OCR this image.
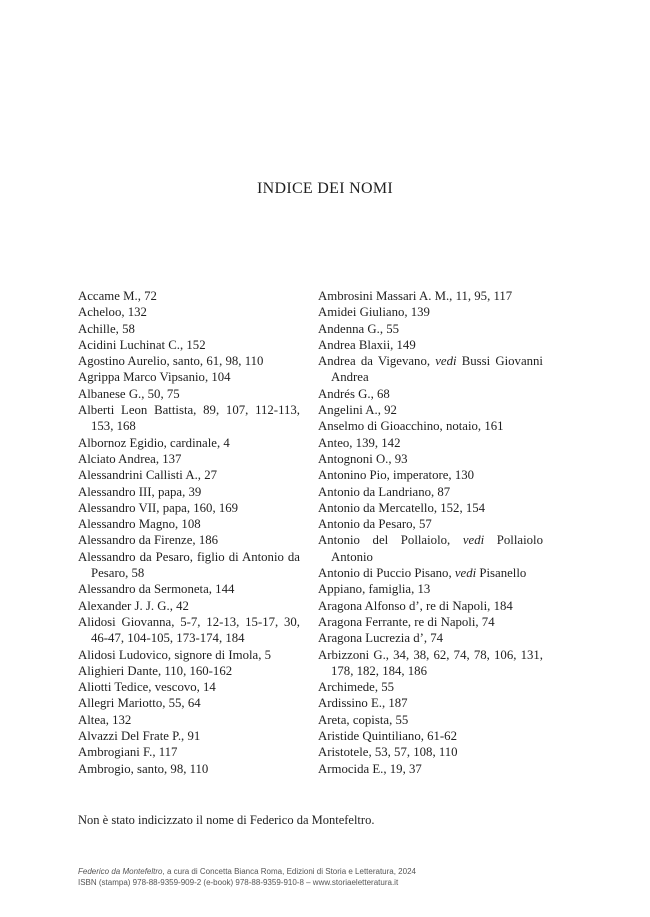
INDICE DEI NOMI
Accame M., 72
Acheloo, 132
Achille, 58
Acidini Luchinat C., 152
Agostino Aurelio, santo, 61, 98, 110
Agrippa Marco Vipsanio, 104
Albanese G., 50, 75
Alberti Leon Battista, 89, 107, 112-113, 153, 168
Albornoz Egidio, cardinale, 4
Alciato Andrea, 137
Alessandrini Callisti A., 27
Alessandro III, papa, 39
Alessandro VII, papa, 160, 169
Alessandro Magno, 108
Alessandro da Firenze, 186
Alessandro da Pesaro, figlio di Antonio da Pesaro, 58
Alessandro da Sermoneta, 144
Alexander J. J. G., 42
Alidosi Giovanna, 5-7, 12-13, 15-17, 30, 46-47, 104-105, 173-174, 184
Alidosi Ludovico, signore di Imola, 5
Alighieri Dante, 110, 160-162
Aliotti Tedice, vescovo, 14
Allegri Mariotto, 55, 64
Altea, 132
Alvazzi Del Frate P., 91
Ambrogiani F., 117
Ambrogio, santo, 98, 110
Ambrosini Massari A. M., 11, 95, 117
Amidei Giuliano, 139
Andenna G., 55
Andrea Blaxii, 149
Andrea da Vigevano, vedi Bussi Giovanni Andrea
Andrés G., 68
Angelini A., 92
Anselmo di Gioacchino, notaio, 161
Anteo, 139, 142
Antognoni O., 93
Antonino Pio, imperatore, 130
Antonio da Landriano, 87
Antonio da Mercatello, 152, 154
Antonio da Pesaro, 57
Antonio del Pollaiolo, vedi Pollaiolo Antonio
Antonio di Puccio Pisano, vedi Pisanello
Appiano, famiglia, 13
Aragona Alfonso d’, re di Napoli, 184
Aragona Ferrante, re di Napoli, 74
Aragona Lucrezia d’, 74
Arbizzoni G., 34, 38, 62, 74, 78, 106, 131, 178, 182, 184, 186
Archimede, 55
Ardissino E., 187
Areta, copista, 55
Aristide Quintiliano, 61-62
Aristotele, 53, 57, 108, 110
Armocida E., 19, 37
Non è stato indicizzato il nome di Federico da Montefeltro.
Federico da Montefeltro, a cura di Concetta Bianca Roma, Edizioni di Storia e Letteratura, 2024
ISBN (stampa) 978-88-9359-909-2 (e-book) 978-88-9359-910-8 – www.storiaeletteratura.it
